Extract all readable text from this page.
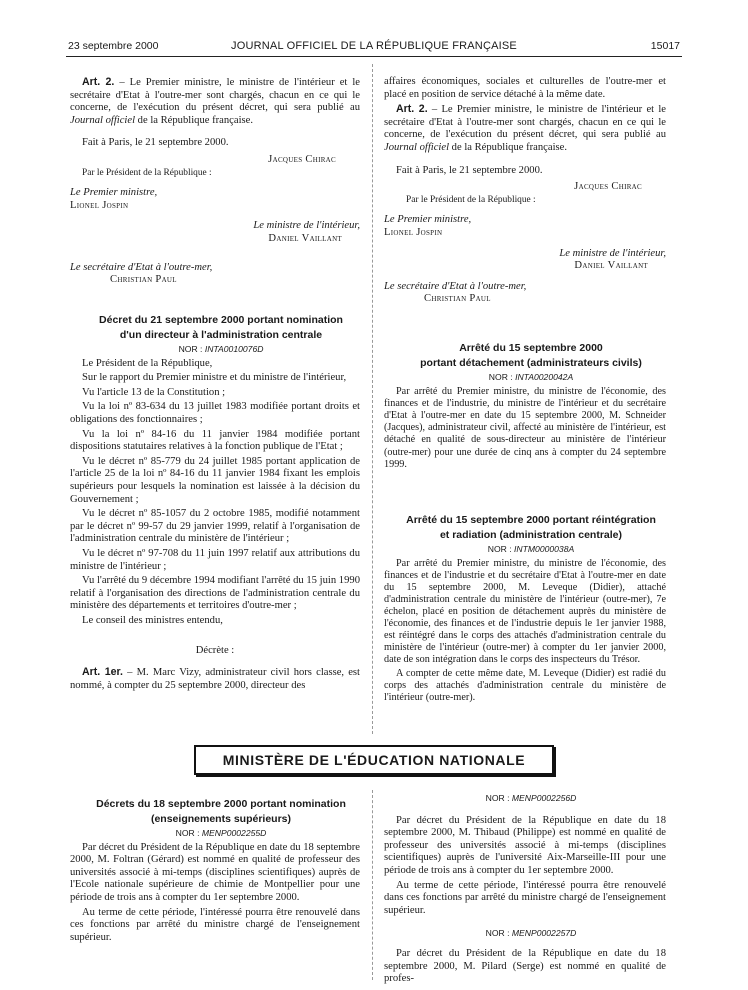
23 septembre 2000	JOURNAL OFFICIEL DE LA RÉPUBLIQUE FRANÇAISE	15017

Art. 2. – Le Premier ministre, le ministre de l'intérieur et le secrétaire d'Etat à l'outre-mer sont chargés, chacun en ce qui le concerne, de l'exécution du présent décret, qui sera publié au Journal officiel de la République française.

Fait à Paris, le 21 septembre 2000.

Jacques Chirac
Par le Président de la République :
Le Premier ministre,
Lionel Jospin
Le ministre de l'intérieur,
Daniel Vaillant
Le secrétaire d'Etat à l'outre-mer,
Christian Paul

Décret du 21 septembre 2000 portant nomination

d'un directeur à l'administration centrale

NOR : INTA0010076D

Le Président de la République,

Sur le rapport du Premier ministre et du ministre de l'intérieur,

Vu l'article 13 de la Constitution ;

Vu la loi nº 83-634 du 13 juillet 1983 modifiée portant droits et obligations des fonctionnaires ;

Vu la loi nº 84-16 du 11 janvier 1984 modifiée portant dispositions statutaires relatives à la fonction publique de l'Etat ;

Vu le décret nº 85-779 du 24 juillet 1985 portant application de l'article 25 de la loi nº 84-16 du 11 janvier 1984 fixant les emplois supérieurs pour lesquels la nomination est laissée à la décision du Gouvernement ;

Vu le décret nº 85-1057 du 2 octobre 1985, modifié notamment par le décret nº 99-57 du 29 janvier 1999, relatif à l'organisation de l'administration centrale du ministère de l'intérieur ;

Vu le décret nº 97-708 du 11 juin 1997 relatif aux attributions du ministre de l'intérieur ;

Vu l'arrêté du 9 décembre 1994 modifiant l'arrêté du 15 juin 1990 relatif à l'organisation des directions de l'administration centrale du ministère des départements et territoires d'outre-mer ;

Le conseil des ministres entendu,

Décrète :

Art. 1er. – M. Marc Vizy, administrateur civil hors classe, est nommé, à compter du 25 septembre 2000, directeur des

affaires économiques, sociales et culturelles de l'outre-mer et placé en position de service détaché à la même date.

Art. 2. – Le Premier ministre, le ministre de l'intérieur et le secrétaire d'Etat à l'outre-mer sont chargés, chacun en ce qui le concerne, de l'exécution du présent décret, qui sera publié au Journal officiel de la République française.

Fait à Paris, le 21 septembre 2000.

Jacques Chirac
Par le Président de la République :
Le Premier ministre,
Lionel Jospin
Le ministre de l'intérieur,
Daniel Vaillant
Le secrétaire d'Etat à l'outre-mer,
Christian Paul

Arrêté du 15 septembre 2000

portant détachement (administrateurs civils)

NOR : INTA0020042A

Par arrêté du Premier ministre, du ministre de l'économie, des finances et de l'industrie, du ministre de l'intérieur et du secrétaire d'Etat à l'outre-mer en date du 15 septembre 2000, M. Schneider (Jacques), administrateur civil, affecté au ministère de l'intérieur, est détaché en qualité de sous-directeur au ministère de l'intérieur (outre-mer) pour une durée de cinq ans à compter du 24 septembre 1999.

Arrêté du 15 septembre 2000 portant réintégration

et radiation (administration centrale)

NOR : INTM0000038A

Par arrêté du Premier ministre, du ministre de l'économie, des finances et de l'industrie et du secrétaire d'Etat à l'outre-mer en date du 15 septembre 2000, M. Leveque (Didier), attaché d'administration centrale du ministère de l'intérieur (outre-mer), 7e échelon, placé en position de détachement auprès du ministère de l'économie, des finances et de l'industrie depuis le 1er janvier 1988, est réintégré dans le corps des attachés d'administration centrale du ministère de l'intérieur (outre-mer) à compter du 1er janvier 2000, date de son intégration dans le corps des inspecteurs du Trésor.

A compter de cette même date, M. Leveque (Didier) est radié du corps des attachés d'administration centrale du ministère de l'intérieur (outre-mer).

MINISTÈRE DE L'ÉDUCATION NATIONALE

Décrets du 18 septembre 2000 portant nomination

(enseignements supérieurs)

NOR : MENP0002255D

Par décret du Président de la République en date du 18 septembre 2000, M. Foltran (Gérard) est nommé en qualité de professeur des universités associé à mi-temps (disciplines scientifiques) auprès de l'Ecole nationale supérieure de chimie de Montpellier pour une période de trois ans à compter du 1er septembre 2000.

Au terme de cette période, l'intéressé pourra être renouvelé dans ces fonctions par arrêté du ministre chargé de l'enseignement supérieur.

NOR : MENP0002256D

Par décret du Président de la République en date du 18 septembre 2000, M. Thibaud (Philippe) est nommé en qualité de professeur des universités associé à mi-temps (disciplines scientifiques) auprès de l'université Aix-Marseille-III pour une période de trois ans à compter du 1er septembre 2000.

Au terme de cette période, l'intéressé pourra être renouvelé dans ces fonctions par arrêté du ministre chargé de l'enseignement supérieur.

NOR : MENP0002257D

Par décret du Président de la République en date du 18 septembre 2000, M. Pilard (Serge) est nommé en qualité de profes-
